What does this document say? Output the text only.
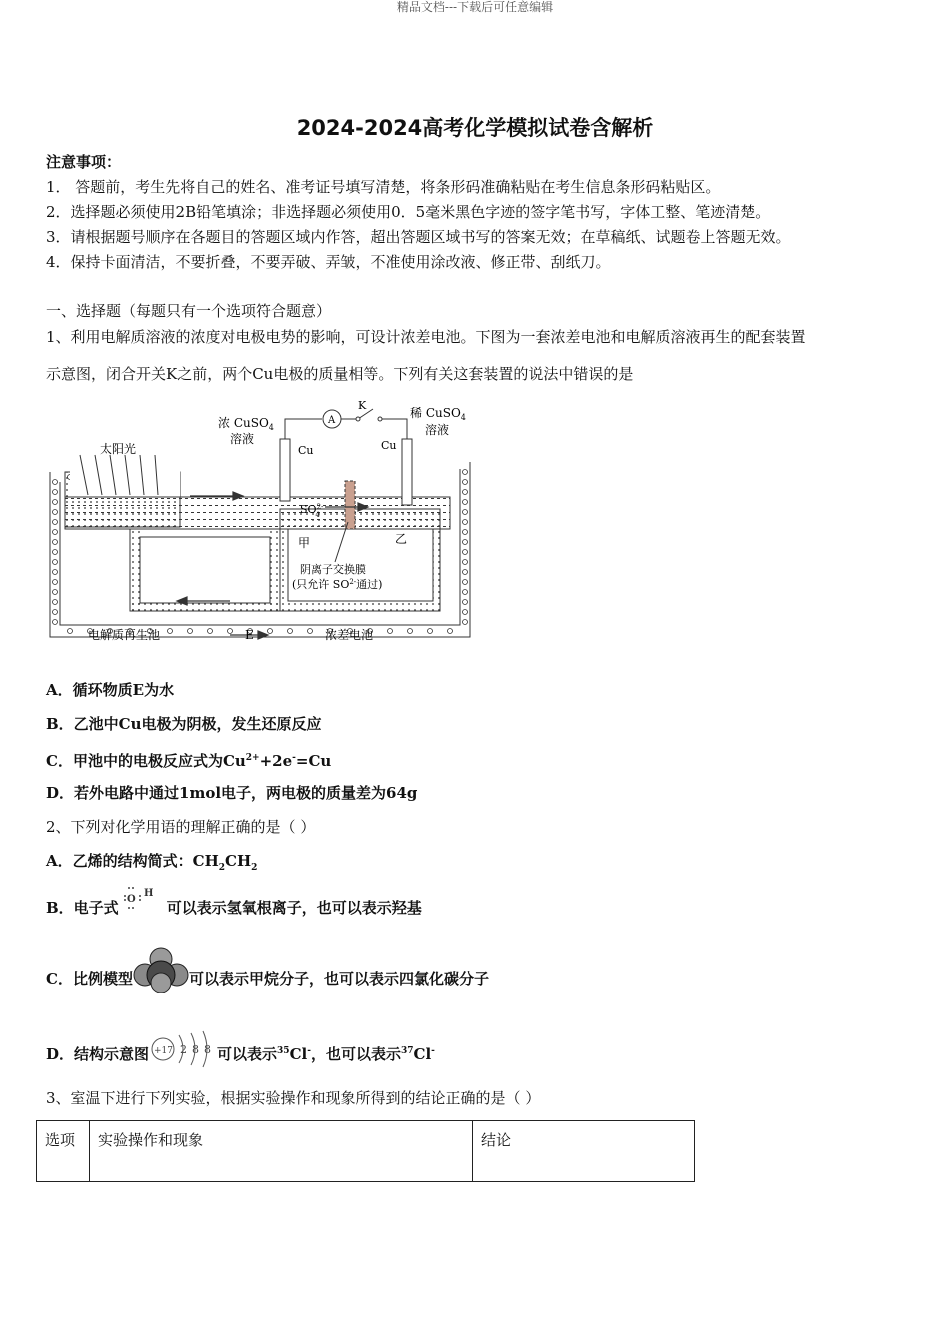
精品文档---下载后可任意编辑
2024-2024高考化学模拟试卷含解析
注意事项：
1． 答题前，考生先将自己的姓名、准考证号填写清楚，将条形码准确粘贴在考生信息条形码粘贴区。
2．选择题必须使用2B铅笔填涂；非选择题必须使用0．5毫米黑色字迹的签字笔书写，字体工整、笔迹清楚。
3．请根据题号顺序在各题目的答题区域内作答，超出答题区域书写的答案无效；在草稿纸、试题卷上答题无效。
4．保持卡面清洁，不要折叠，不要弄破、弄皱，不准使用涂改液、修正带、刮纸刀。
一、选择题（每题只有一个选项符合题意）
1、利用电解质溶液的浓度对电极电势的影响，可设计浓差电池。下图为一套浓差电池和电解质溶液再生的配套装置
示意图，闭合开关K之前，两个Cu电极的质量相等。下列有关这套装置的说法中错误的是
太阳光
浓 CuSO$_4$
溶液
稀 CuSO$_4$
溶液
A
K
Cu	Cu
$SO^{2-}4$
甲	乙
阴离子交换膜
(只允许 $SO^{2-}$通过)
电解质再生池	E	浓差电池
A．循环物质E为水
B．乙池中Cu电极为阴极，发生还原反应
C．甲池中的电极反应式为$Cu^{2+}+2e^-=Cu$
D．若外电路中通过1mol电子，两电极的质量差为64g
2、下列对化学用语的理解正确的是（ ）
A．乙烯的结构简式：$CH_2CH_2$
B．电子式 O
H
可以表示氢氧根离子，也可以表示羟基
C．比例模型	可以表示甲烷分子，也可以表示四氯化碳分子
D．结构示意图 +17 2 8 8 可以表示$^{35}$Cl-，也可以表示$^{37}$Cl-
3、室温下进行下列实验，根据实验操作和现象所得到的结论正确的是（ ）
选项	实验操作和现象	结论
